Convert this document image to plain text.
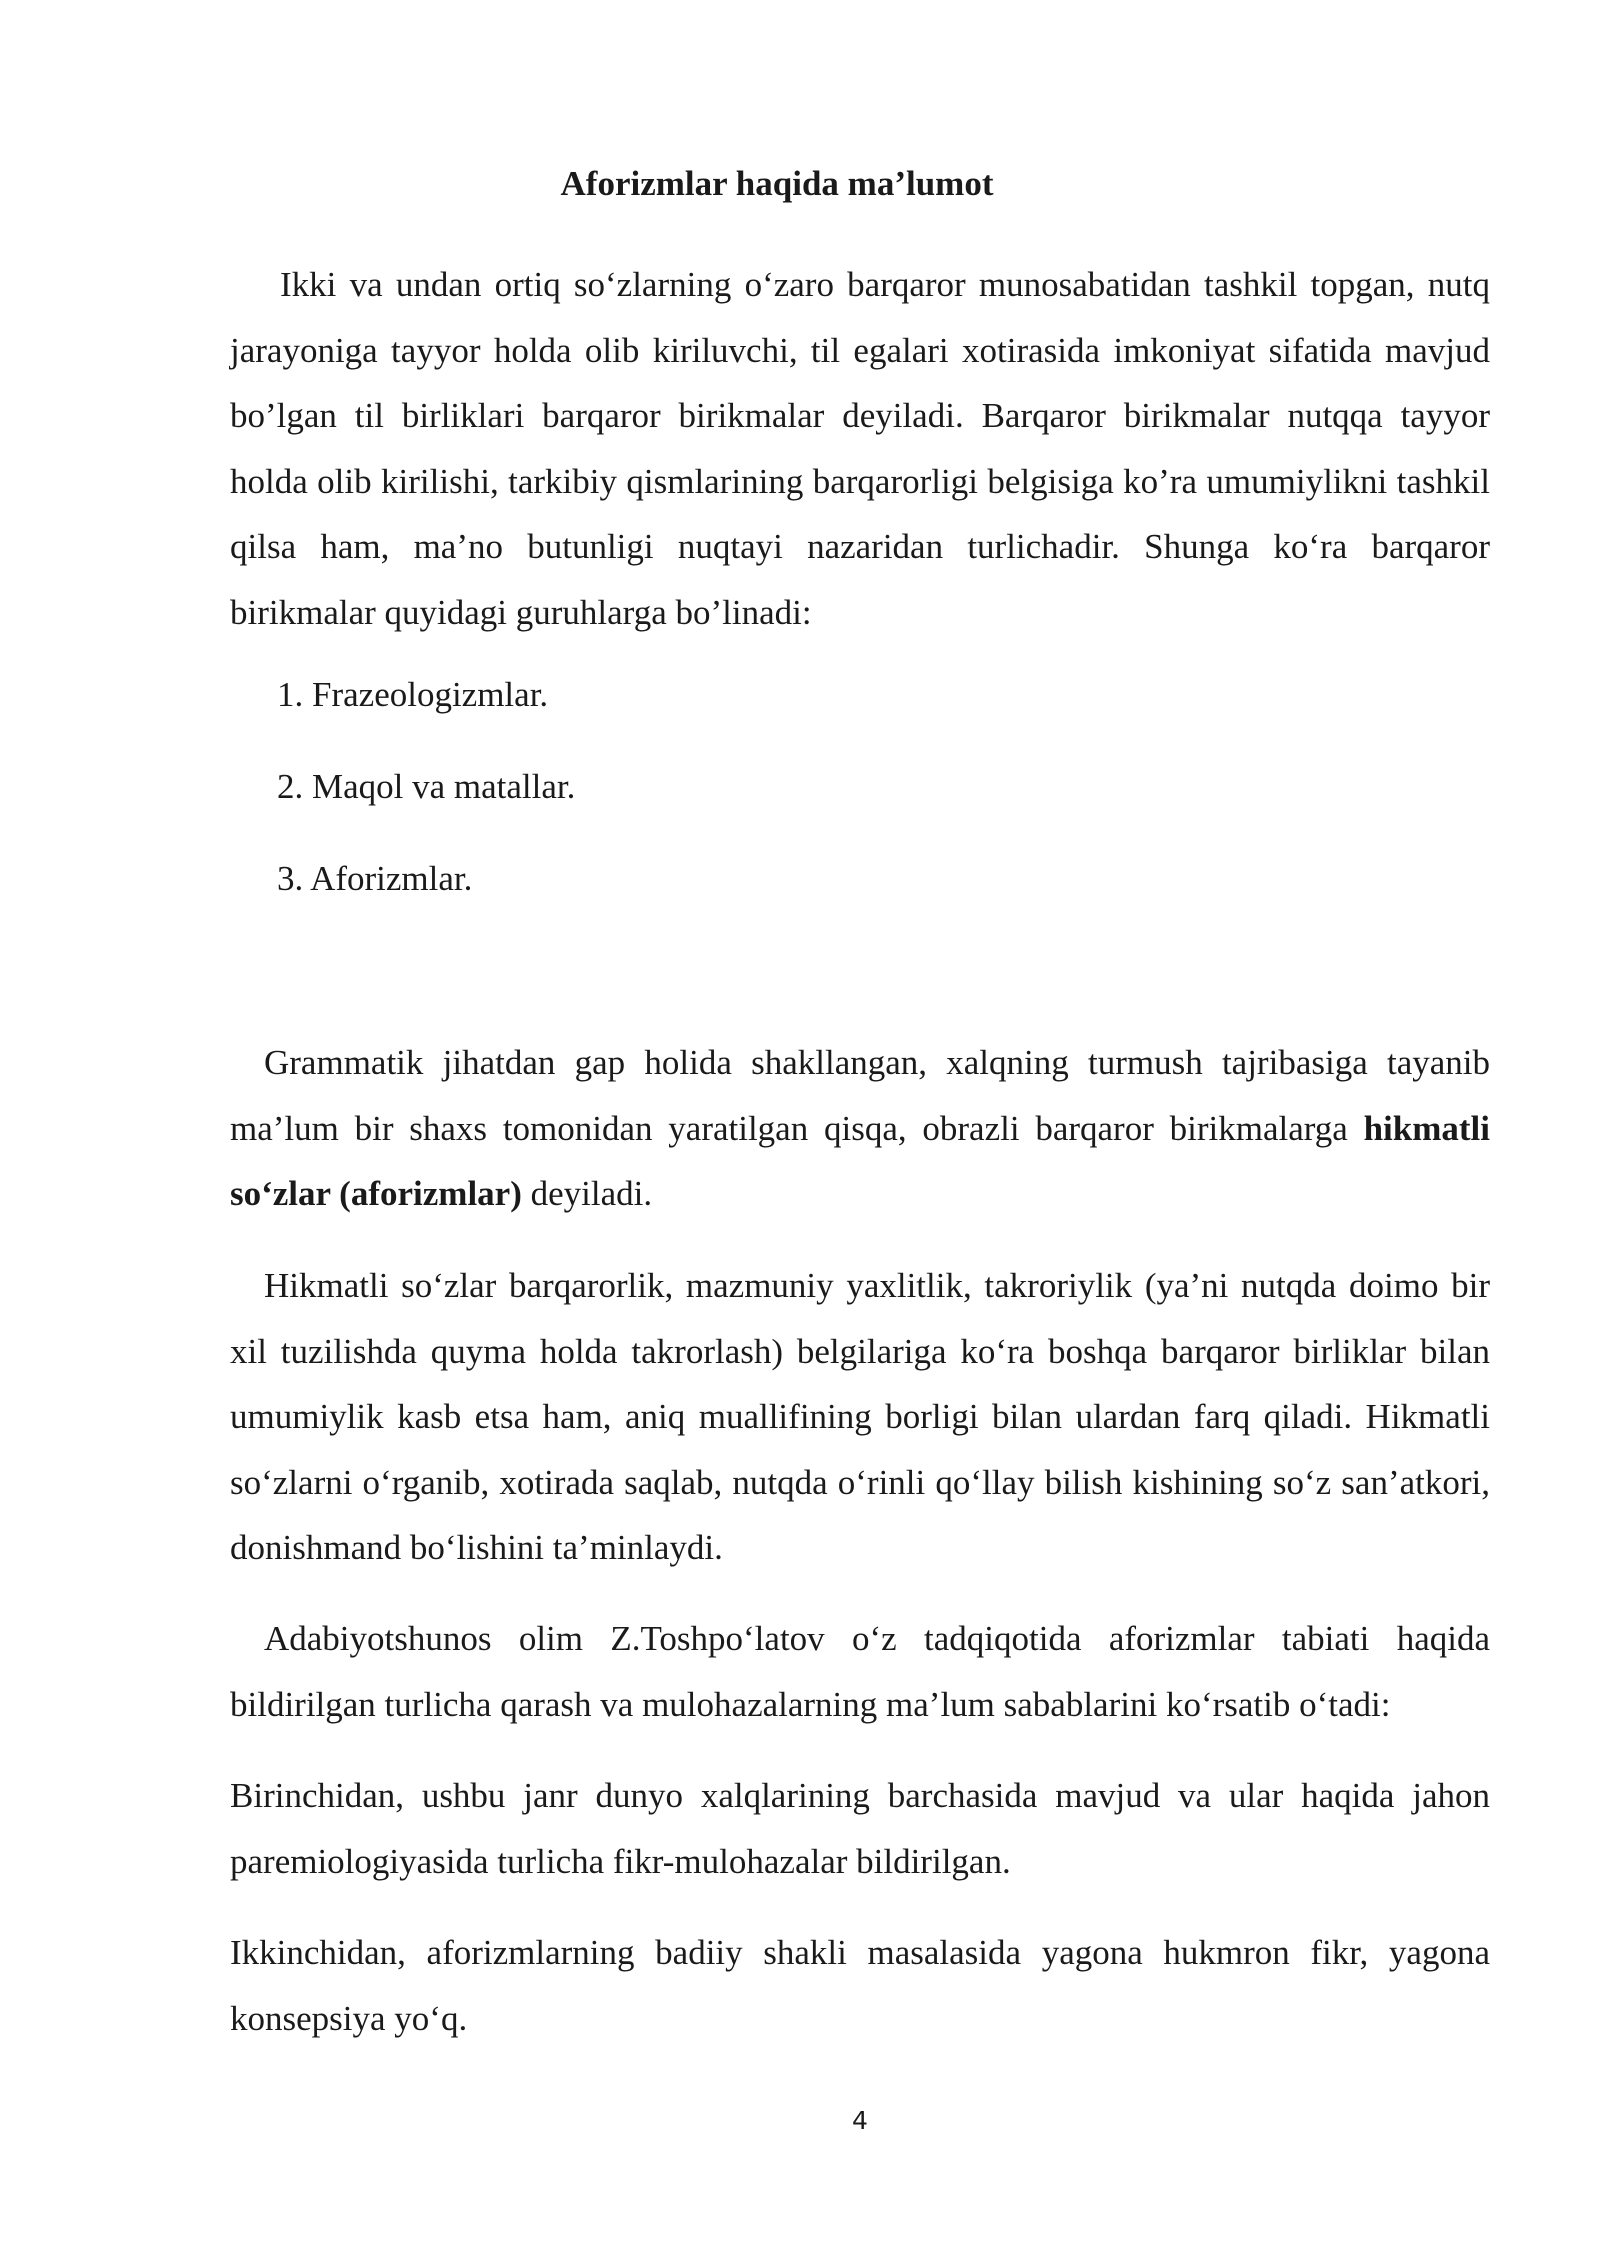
Aforizmlar haqida ma’lumot

Ikki va undan ortiq so‘zlarning o‘zaro barqaror munosabatidan tashkil topgan, nutq jarayoniga tayyor holda olib kiriluvchi, til egalari xotirasida imkoniyat sifatida mavjud bo’lgan til birliklari barqaror birikmalar deyiladi. Barqaror birikmalar nutqqa tayyor holda olib kirilishi, tarkibiy qismlarining barqarorligi belgisiga ko’ra umumiylikni tashkil qilsa ham, ma’no butunligi nuqtayi nazaridan turlichadir. Shunga ko‘ra barqaror birikmalar quyidagi guruhlarga bo’linadi:

1. Frazeologizmlar.

2. Maqol va matallar.

3. Aforizmlar.

Grammatik jihatdan gap holida shakllangan, xalqning turmush tajribasiga tayanib ma’lum bir shaxs tomonidan yaratilgan qisqa, obrazli barqaror birikmalarga hikmatli so‘zlar (aforizmlar) deyiladi.

Hikmatli so‘zlar barqarorlik, mazmuniy yaxlitlik, takroriylik (ya’ni nutqda doimo bir xil tuzilishda quyma holda takrorlash) belgilariga ko‘ra boshqa barqaror birliklar bilan umumiylik kasb etsa ham, aniq muallifining borligi bilan ulardan farq qiladi. Hikmatli so‘zlarni o‘rganib, xotirada saqlab, nutqda o‘rinli qo‘llay bilish kishining so‘z san’atkori, donishmand bo‘lishini ta’minlaydi.

Adabiyotshunos olim Z.Toshpo‘latov o‘z tadqiqotida aforizmlar tabiati haqida bildirilgan turlicha qarash va mulohazalarning ma’lum sabablarini ko‘rsatib o‘tadi:

Birinchidan, ushbu janr dunyo xalqlarining barchasida mavjud va ular haqida jahon paremiologiyasida turlicha fikr-mulohazalar bildirilgan.

Ikkinchidan, aforizmlarning badiiy shakli masalasida yagona hukmron fikr, yagona konsepsiya yo‘q.

4
